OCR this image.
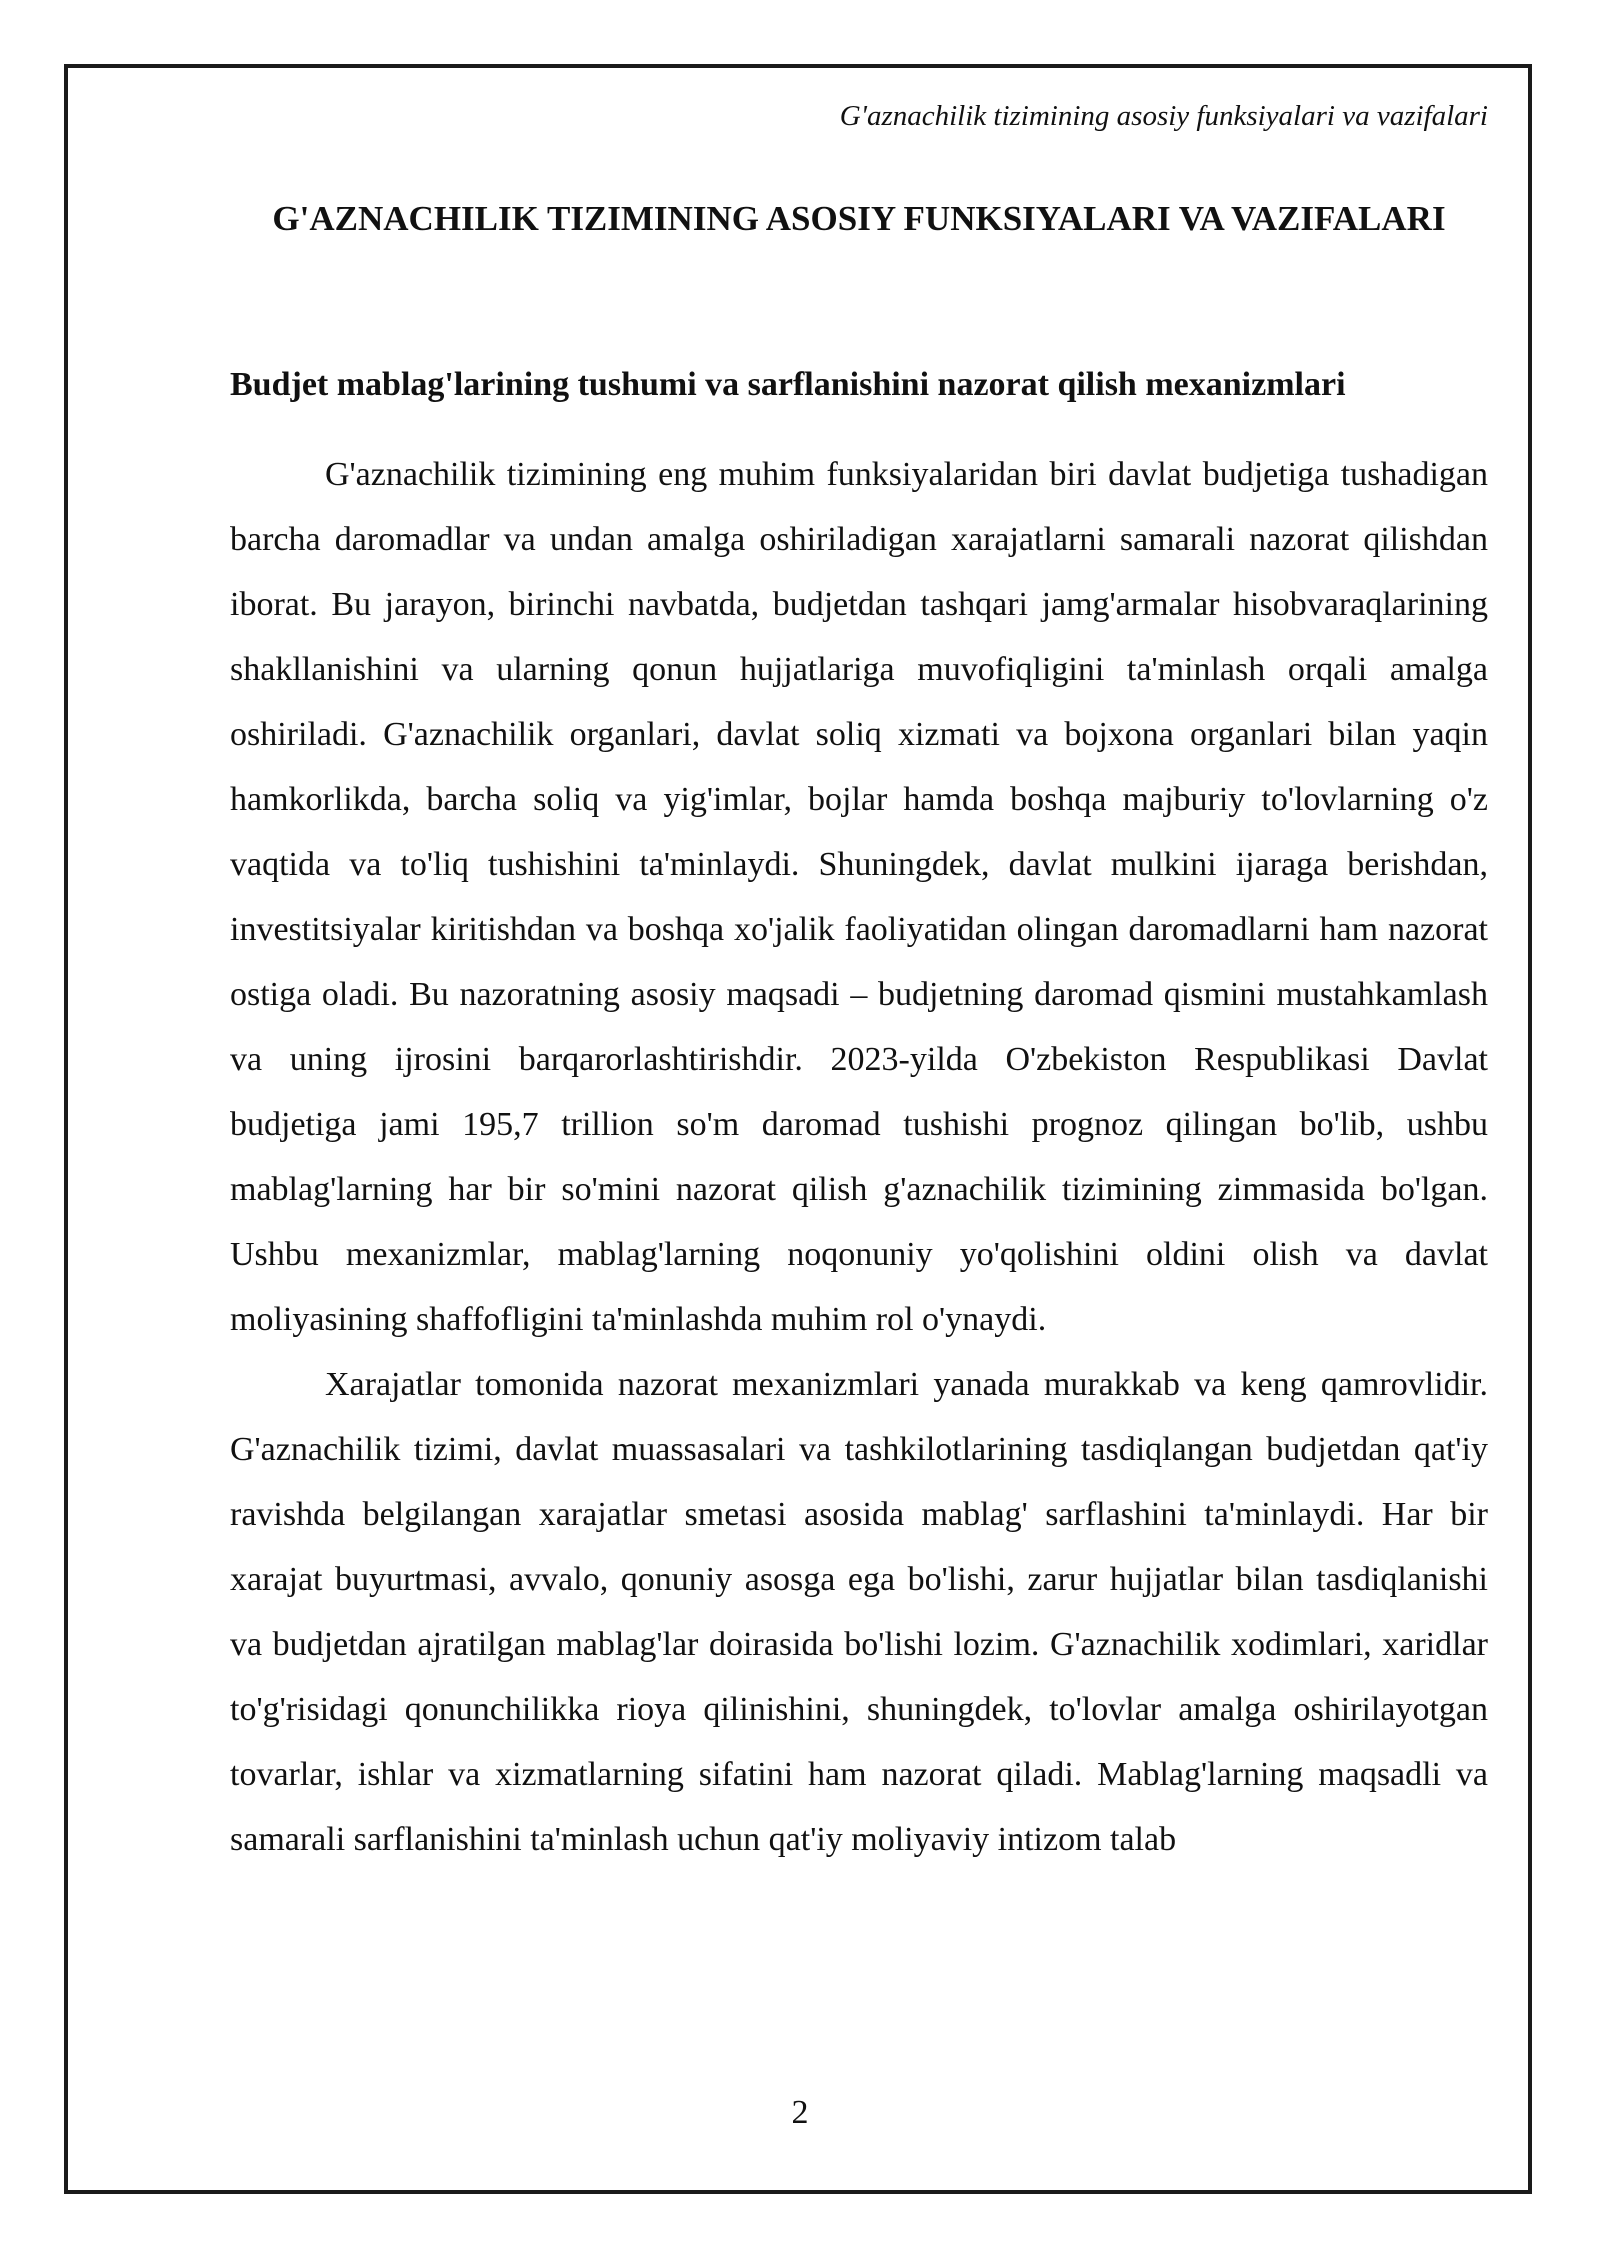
G'aznachilik tizimining asosiy funksiyalari va vazifalari
G'AZNACHILIK TIZIMINING ASOSIY FUNKSIYALARI VA VAZIFALARI
Budjet mablag'larining tushumi va sarflanishini nazorat qilish mexanizmlari

G'aznachilik tizimining eng muhim funksiyalaridan biri davlat budjetiga tushadigan barcha daromadlar va undan amalga oshiriladigan xarajatlarni samarali nazorat qilishdan iborat. Bu jarayon, birinchi navbatda, budjetdan tashqari jamg'armalar hisobvaraqlarining shakllanishini va ularning qonun hujjatlariga muvofiqligini ta'minlash orqali amalga oshiriladi. G'aznachilik organlari, davlat soliq xizmati va bojxona organlari bilan yaqin hamkorlikda, barcha soliq va yig'imlar, bojlar hamda boshqa majburiy to'lovlarning o'z vaqtida va to'liq tushishini ta'minlaydi. Shuningdek, davlat mulkini ijaraga berishdan, investitsiyalar kiritishdan va boshqa xo'jalik faoliyatidan olingan daromadlarni ham nazorat ostiga oladi. Bu nazoratning asosiy maqsadi – budjetning daromad qismini mustahkamlash va uning ijrosini barqarorlashtirishdir. 2023-yilda O'zbekiston Respublikasi Davlat budjetiga jami 195,7 trillion so'm daromad tushishi prognoz qilingan bo'lib, ushbu mablag'larning har bir so'mini nazorat qilish g'aznachilik tizimining zimmasida bo'lgan. Ushbu mexanizmlar, mablag'larning noqonuniy yo'qolishini oldini olish va davlat moliyasining shaffofligini ta'minlashda muhim rol o'ynaydi.

Xarajatlar tomonida nazorat mexanizmlari yanada murakkab va keng qamrovlidir. G'aznachilik tizimi, davlat muassasalari va tashkilotlarining tasdiqlangan budjetdan qat'iy ravishda belgilangan xarajatlar smetasi asosida mablag' sarflashini ta'minlaydi. Har bir xarajat buyurtmasi, avvalo, qonuniy asosga ega bo'lishi, zarur hujjatlar bilan tasdiqlanishi va budjetdan ajratilgan mablag'lar doirasida bo'lishi lozim. G'aznachilik xodimlari, xaridlar to'g'risidagi qonunchilikka rioya qilinishini, shuningdek, to'lovlar amalga oshirilayotgan tovarlar, ishlar va xizmatlarning sifatini ham nazorat qiladi. Mablag'larning maqsadli va samarali sarflanishini ta'minlash uchun qat'iy moliyaviy intizom talab

2
